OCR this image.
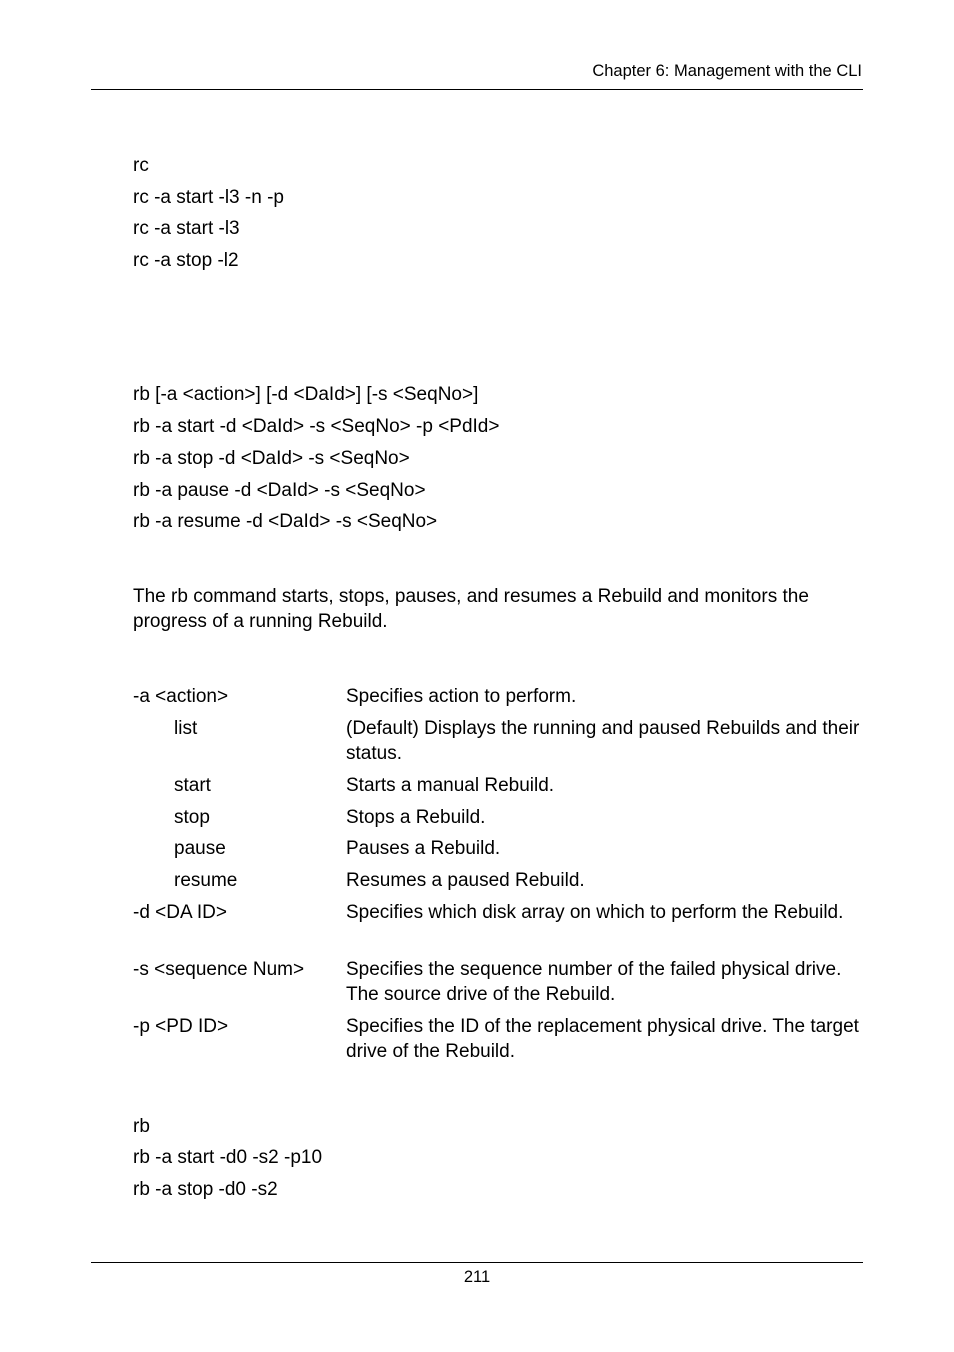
Chapter 6: Management with the CLI
rc
rc -a start -l3 -n -p
rc -a start -l3
rc -a stop -l2
rb [-a <action>] [-d <DaId>] [-s <SeqNo>]
rb -a start -d <DaId> -s <SeqNo> -p <PdId>
rb -a stop -d <DaId> -s <SeqNo>
rb -a pause -d <DaId> -s <SeqNo>
rb -a resume -d <DaId> -s <SeqNo>
The rb command starts, stops, pauses, and resumes a Rebuild and monitors the progress of a running Rebuild.
-a <action>	Specifies action to perform.
list	(Default) Displays the running and paused Rebuilds and their status.
start	Starts a manual Rebuild.
stop	Stops a Rebuild.
pause	Pauses a Rebuild.
resume	Resumes a paused Rebuild.
-d <DA ID>	Specifies which disk array on which to perform the Rebuild.
-s <sequence Num> Specifies the sequence number of the failed physical drive. The source drive of the Rebuild.
-p <PD ID>	Specifies the ID of the replacement physical drive. The target drive of the Rebuild.
rb
rb -a start -d0 -s2 -p10
rb -a stop -d0 -s2
211
